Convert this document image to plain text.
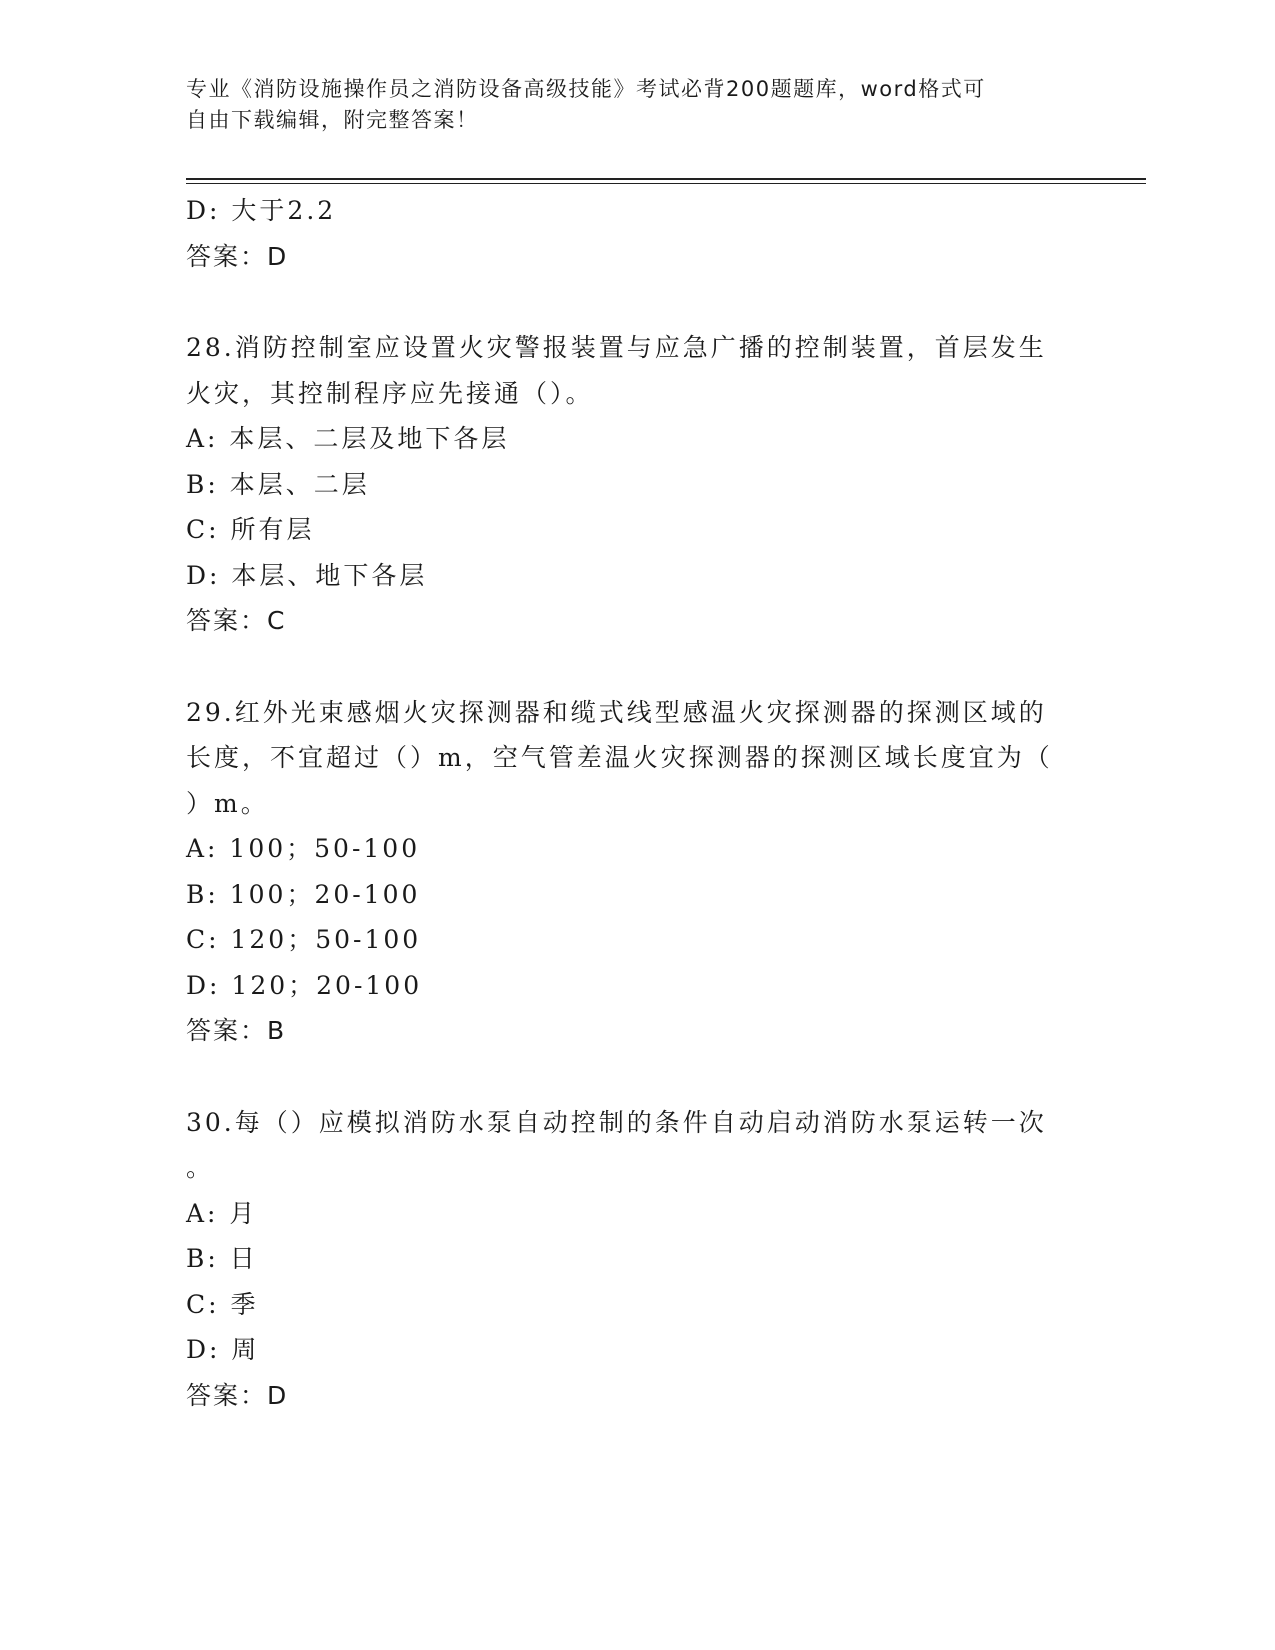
专业《消防设施操作员之消防设备高级技能》考试必背200题题库，word格式可
自由下载编辑，附完整答案！
D: 大于2.2
答案：D
28.消防控制室应设置火灾警报装置与应急广播的控制装置，首层发生
火灾，其控制程序应先接通（）。
A: 本层、二层及地下各层
B: 本层、二层
C: 所有层
D: 本层、地下各层
答案：C
29.红外光束感烟火灾探测器和缆式线型感温火灾探测器的探测区域的
长度，不宜超过（）m，空气管差温火灾探测器的探测区域长度宜为（
）m。
A: 100；50-100
B: 100；20-100
C: 120；50-100
D: 120；20-100
答案：B
30.每（）应模拟消防水泵自动控制的条件自动启动消防水泵运转一次
。
A: 月
B: 日
C: 季
D: 周
答案：D
